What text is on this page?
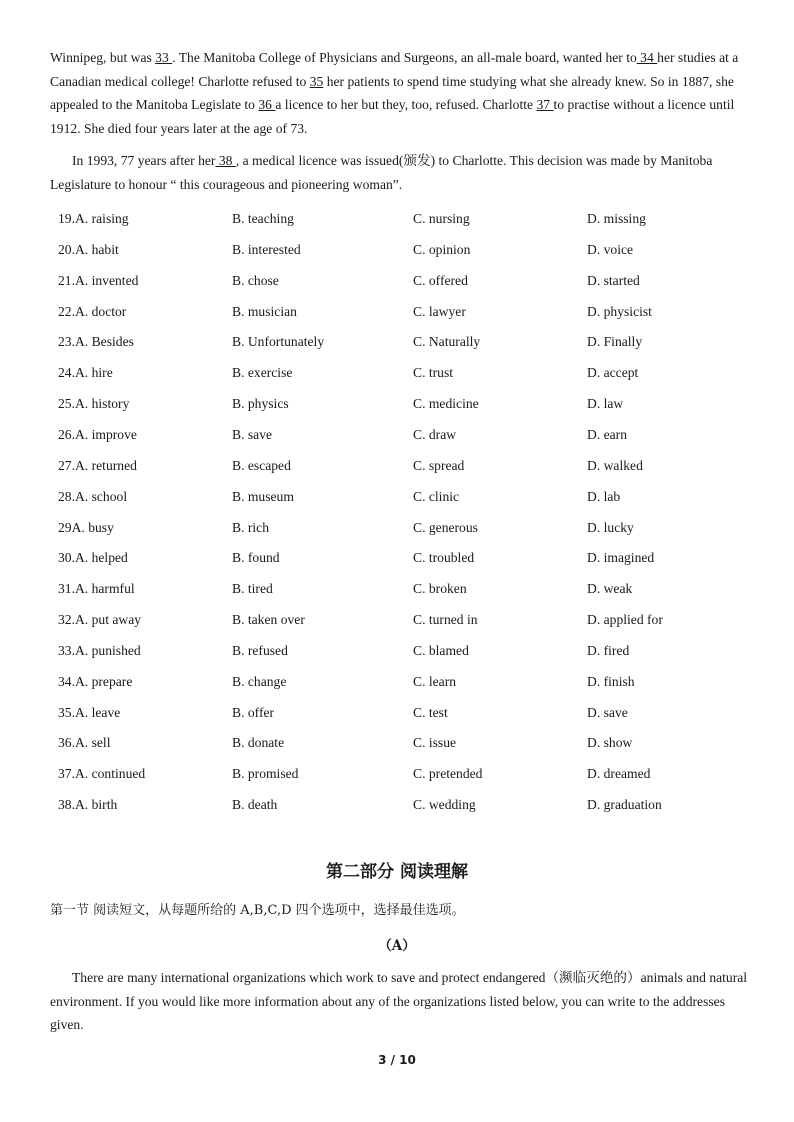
Winnipeg, but was 33 . The Manitoba College of Physicians and Surgeons, an all-male board, wanted her to 34 her studies at a Canadian medical college! Charlotte refused to 35 her patients to spend time studying what she already knew. So in 1887, she appealed to the Manitoba Legislate to 36 a licence to her but they, too, refused. Charlotte 37 to practise without a licence until 1912. She died four years later at the age of 73.

In 1993, 77 years after her 38 , a medical licence was issued(颁发) to Charlotte. This decision was made by Manitoba Legislature to honour “ this courageous and pioneering woman”.

19.A. raising	B. teaching	C. nursing	D. missing
20.A. habit	B. interested	C. opinion	D. voice
21.A. invented	B. chose	C. offered	D. started
22.A. doctor	B. musician	C. lawyer	D. physicist
23.A. Besides	B. Unfortunately	C. Naturally	D. Finally
24.A. hire	B. exercise	C. trust	D. accept
25.A. history	B. physics	C. medicine	D. law
26.A. improve	B. save	C. draw	D. earn
27.A. returned	B. escaped	C. spread	D. walked
28.A. school	B. museum	C. clinic	D. lab
29A. busy	B. rich	C. generous	D. lucky
30.A. helped	B. found	C. troubled	D. imagined
31.A. harmful	B. tired	C. broken	D. weak
32.A. put away	B. taken over	C. turned in	D. applied for
33.A. punished	B. refused	C. blamed	D. fired
34.A. prepare	B. change	C. learn	D. finish
35.A. leave	B. offer	C. test	D. save
36.A. sell	B. donate	C. issue	D. show
37.A. continued	B. promised	C. pretended	D. dreamed
38.A. birth	B. death	C. wedding	D. graduation

第二部分 阅读理解

第一节 阅读短文，从每题所给的 A,B,C,D 四个选项中，选择最佳选项。

（A）

There are many international organizations which work to save and protect endangered（濒临灭绝的）animals and natural environment. If you would like more information about any of the organizations listed below, you can write to the addresses given.

3 / 10
